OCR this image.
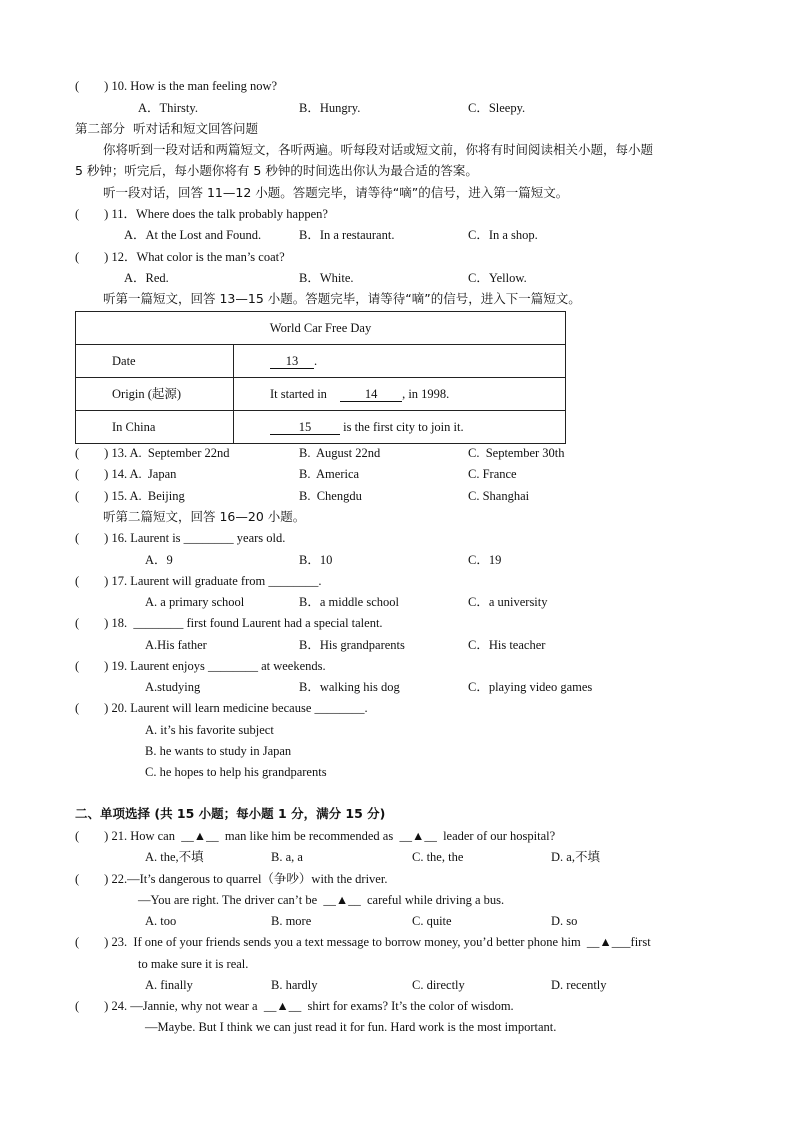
(        ) 10. How is the man feeling now?
A．Thirsty.	B．Hungry.	C．Sleepy.
第二部分  听对话和短文回答问题
你将听到一段对话和两篇短文，各听两遍。听每段对话或短文前，你将有时间阅读相关小题，每小题
5 秒钟；听完后，每小题你将有 5 秒钟的时间选出你认为最合适的答案。
听一段对话，回答 11—12 小题。答题完毕，请等待“嘀”的信号，进入第一篇短文。
(        ) 11．Where does the talk probably happen?
A．At the Lost and Found.	B．In a restaurant.	C．In a shop.
(        ) 12．What color is the man’s coat?
A．Red.	B．White.	C．Yellow.
听第一篇短文，回答 13—15 小题。答题完毕，请等待“嘀”的信号，进入下一篇短文。
World Car Free Day	
Date	13 .
Origin (起源)	It started in 14 , in 1998.
In China	15 is the first city to join it.
(        ) 13. A.  September 22nd	B.  August 22nd	C.  September 30th
(        ) 14. A.  Japan	B.  America	C. France
(        ) 15. A.  Beijing	B.  Chengdu	C. Shanghai
听第二篇短文，回答 16—20 小题。
(        ) 16. Laurent is ________ years old.
A．9	B．10	C．19
(        ) 17. Laurent will graduate from ________.
A. a primary school	B．a middle school	C．a university
(        ) 18.  ________ first found Laurent had a special talent.
A.His father	B．His grandparents	C．His teacher
(        ) 19. Laurent enjoys ________ at weekends.
A.studying	B．walking his dog	C．playing video games
(        ) 20. Laurent will learn medicine because ________.
A. it’s his favorite subject
B. he wants to study in Japan
C. he hopes to help his grandparents
二、单项选择 (共 15 小题；每小题 1 分，满分 15 分)
(        ) 21. How can  __▲__  man like him be recommended as  __▲__  leader of our hospital?
A. the,不填	B. a, a	C. the, the	D. a,不填
(        ) 22.—It’s dangerous to quarrel（争吵）with the driver.
—You are right. The driver can’t be  __▲__  careful while driving a bus.
A. too	B. more	C. quite	D. so
(        ) 23.  If one of your friends sends you a text message to borrow money, you’d better phone him  __▲___first
to make sure it is real.
A. finally	B. hardly	C. directly	D. recently
(        ) 24. —Jannie, why not wear a  __▲__  shirt for exams? It’s the color of wisdom.
—Maybe. But I think we can just read it for fun. Hard work is the most important.
